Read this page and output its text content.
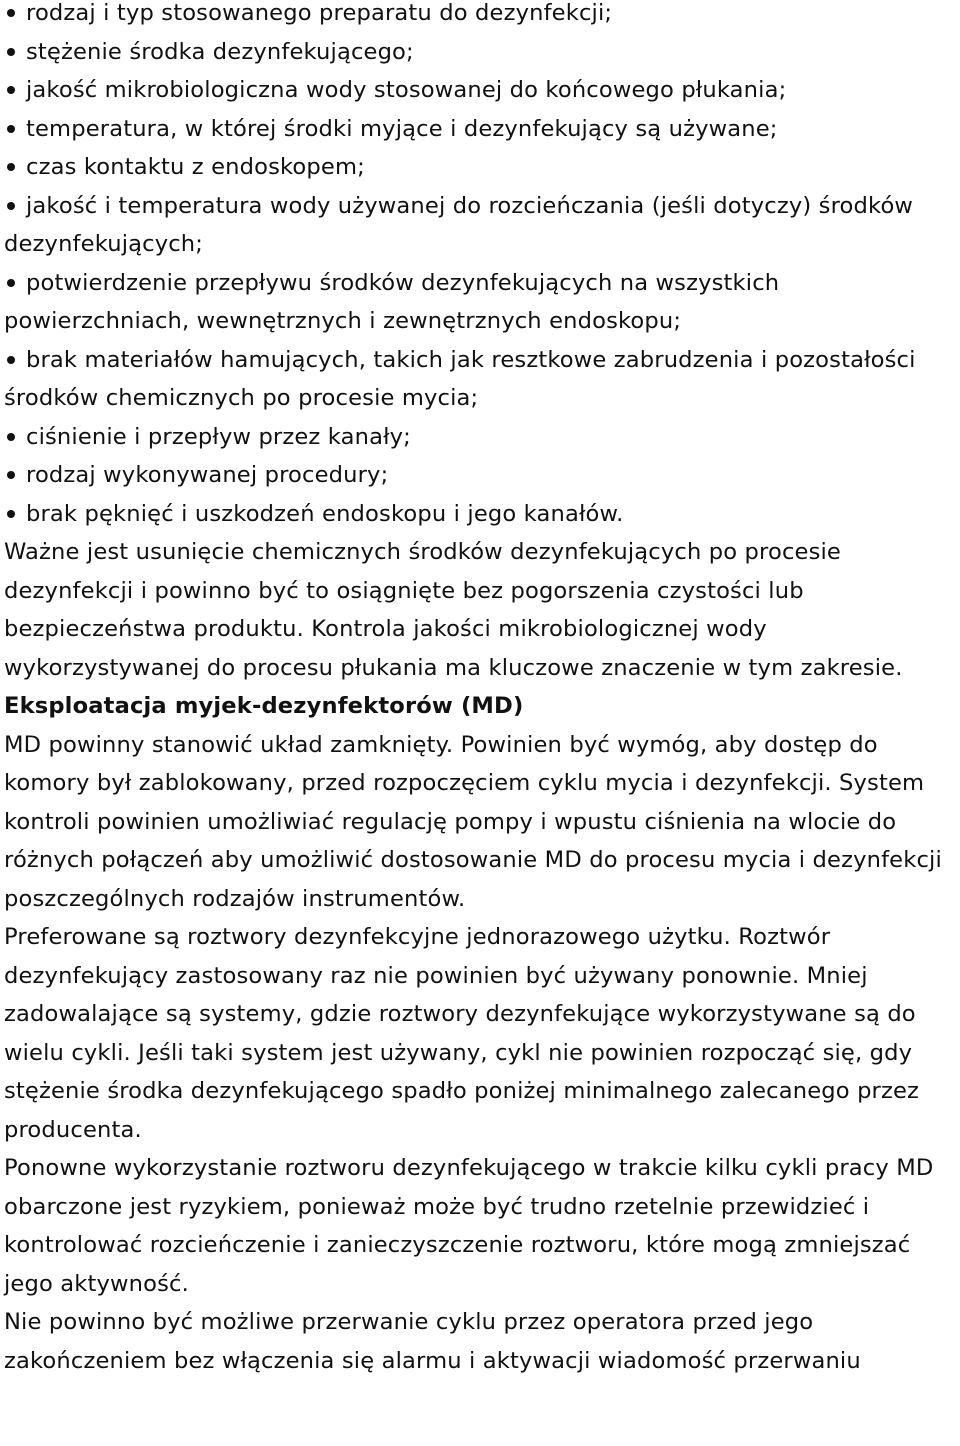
rodzaj i typ stosowanego preparatu do dezynfekcji;
stężenie środka dezynfekującego;
jakość mikrobiologiczna wody stosowanej do końcowego płukania;
temperatura, w której środki myjące i dezynfekujący są używane;
czas kontaktu z endoskopem;
jakość i temperatura wody używanej do rozcieńczania (jeśli dotyczy) środków dezynfekujących;
potwierdzenie przepływu środków dezynfekujących na wszystkich powierzchniach, wewnętrznych i zewnętrznych endoskopu;
brak materiałów hamujących, takich jak resztkowe zabrudzenia i pozostałości środków chemicznych po procesie mycia;
ciśnienie i przepływ przez kanały;
rodzaj wykonywanej procedury;
brak pęknięć i uszkodzeń endoskopu i jego kanałów.

Ważne jest usunięcie chemicznych środków dezynfekujących po procesie dezynfekcji i powinno być to osiągnięte bez pogorszenia czystości lub bezpieczeństwa produktu. Kontrola jakości mikrobiologicznej wody wykorzystywanej do procesu płukania ma kluczowe znaczenie w tym zakresie.

Eksploatacja myjek-dezynfektorów (MD)

MD powinny stanowić układ zamknięty. Powinien być wymóg, aby dostęp do komory był zablokowany, przed rozpoczęciem cyklu mycia i dezynfekcji. System kontroli powinien umożliwiać regulację pompy i wpustu ciśnienia na wlocie do różnych połączeń aby umożliwić dostosowanie MD do procesu mycia i dezynfekcji poszczególnych rodzajów instrumentów.

Preferowane są roztwory dezynfekcyjne jednorazowego użytku. Roztwór dezynfekujący zastosowany raz nie powinien być używany ponownie. Mniej zadowalające są systemy, gdzie roztwory dezynfekujące wykorzystywane są do wielu cykli. Jeśli taki system jest używany, cykl nie powinien rozpocząć się, gdy stężenie środka dezynfekującego spadło poniżej minimalnego zalecanego przez producenta.

Ponowne wykorzystanie roztworu dezynfekującego w trakcie kilku cykli pracy MD obarczone jest ryzykiem, ponieważ może być trudno rzetelnie przewidzieć i kontrolować rozcieńczenie i zanieczyszczenie roztworu, które mogą zmniejszać jego aktywność.

Nie powinno być możliwe przerwanie cyklu przez operatora przed jego zakończeniem bez włączenia się alarmu i aktywacji wiadomość przerwaniu
